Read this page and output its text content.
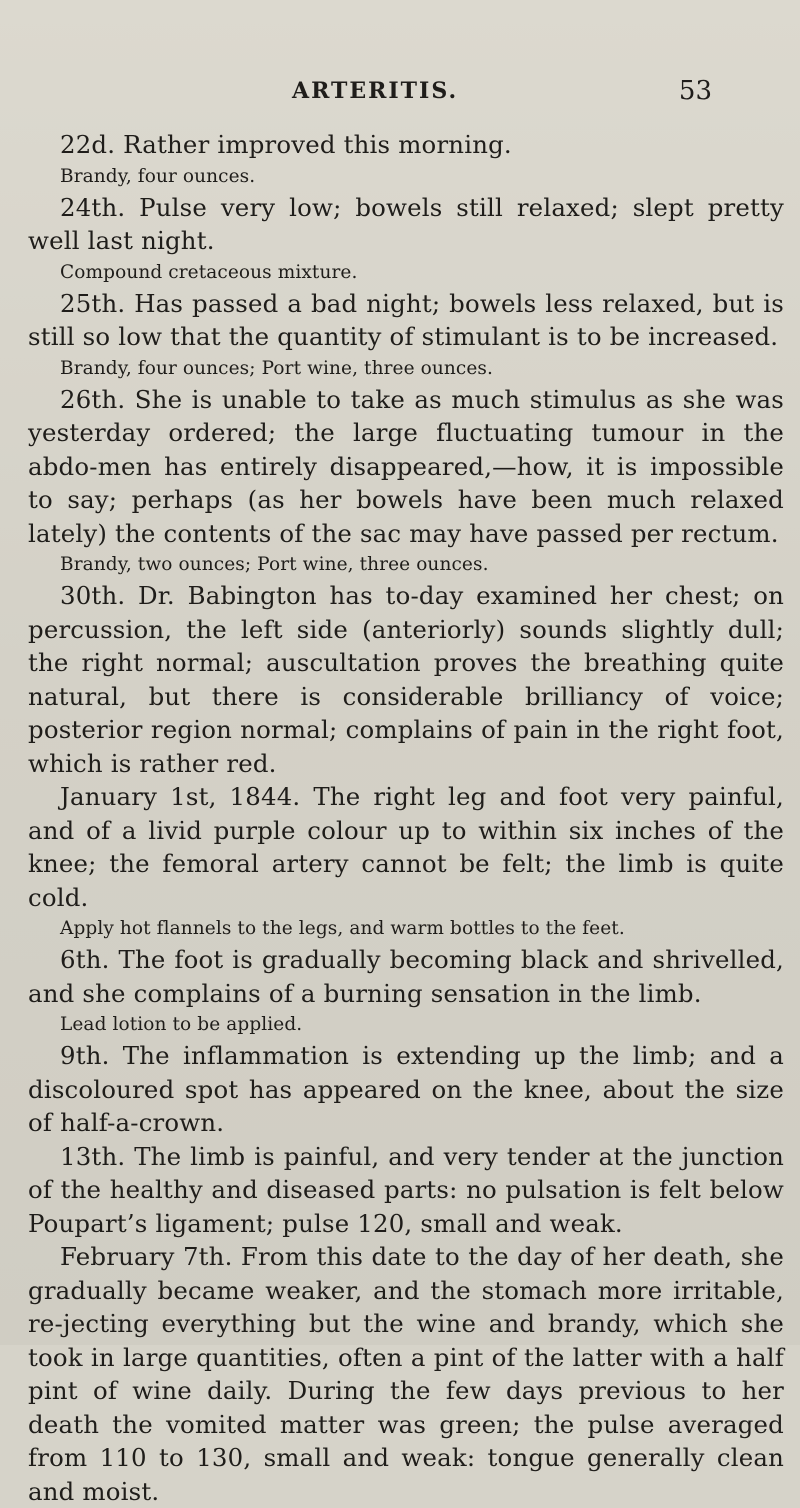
ARTERITIS.	53

22d. Rather improved this morning.

Brandy, four ounces.

24th. Pulse very low; bowels still relaxed; slept pretty well last night.

Compound cretaceous mixture.

25th. Has passed a bad night; bowels less relaxed, but is still so low that the quantity of stimulant is to be increased.

Brandy, four ounces; Port wine, three ounces.

26th. She is unable to take as much stimulus as she was yesterday ordered; the large fluctuating tumour in the abdo-men has entirely disappeared,—how, it is impossible to say; perhaps (as her bowels have been much relaxed lately) the contents of the sac may have passed per rectum.

Brandy, two ounces; Port wine, three ounces.

30th. Dr. Babington has to-day examined her chest; on percussion, the left side (anteriorly) sounds slightly dull; the right normal; auscultation proves the breathing quite natural, but there is considerable brilliancy of voice; posterior region normal; complains of pain in the right foot, which is rather red.

January 1st, 1844. The right leg and foot very painful, and of a livid purple colour up to within six inches of the knee; the femoral artery cannot be felt; the limb is quite cold.

Apply hot flannels to the legs, and warm bottles to the feet.

6th. The foot is gradually becoming black and shrivelled, and she complains of a burning sensation in the limb.

Lead lotion to be applied.

9th. The inflammation is extending up the limb; and a discoloured spot has appeared on the knee, about the size of half-a-crown.

13th. The limb is painful, and very tender at the junction of the healthy and diseased parts: no pulsation is felt below Poupart’s ligament; pulse 120, small and weak.

February 7th. From this date to the day of her death, she gradually became weaker, and the stomach more irritable, re-jecting everything but the wine and brandy, which she took in large quantities, often a pint of the latter with a half pint of wine daily. During the few days previous to her death the vomited matter was green; the pulse averaged from 110 to 130, small and weak: tongue generally clean and moist.
